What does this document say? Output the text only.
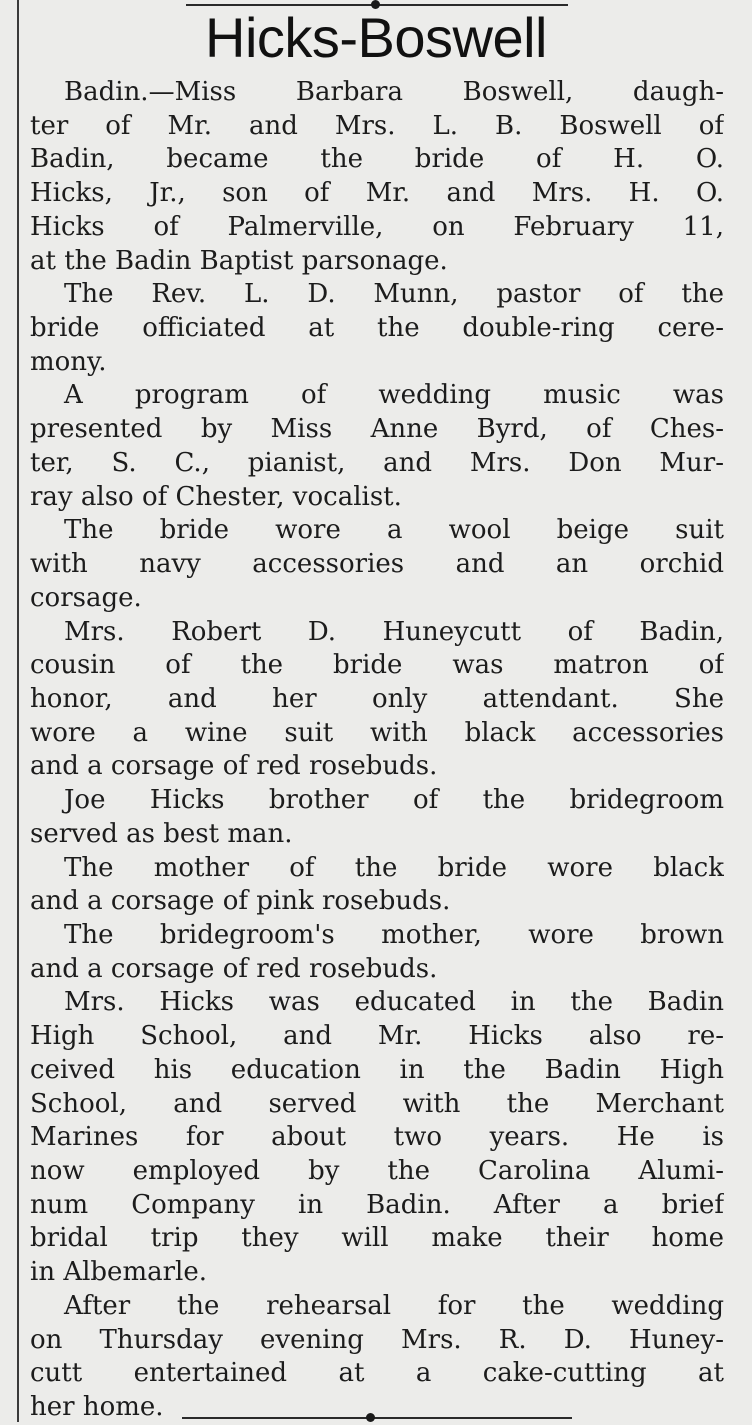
Hicks-Boswell
Badin.—Miss Barbara Boswell, daugh-
ter of Mr. and Mrs. L. B. Boswell of
Badin, became the bride of H. O.
Hicks, Jr., son of Mr. and Mrs. H. O.
Hicks of Palmerville, on February 11,
at the Badin Baptist parsonage.
The Rev. L. D. Munn, pastor of the
bride officiated at the double-ring cere-
mony.
A program of wedding music was
presented by Miss Anne Byrd, of Ches-
ter, S. C., pianist, and Mrs. Don Mur-
ray also of Chester, vocalist.
The bride wore a wool beige suit
with navy accessories and an orchid
corsage.
Mrs. Robert D. Huneycutt of Badin,
cousin of the bride was matron of
honor, and her only attendant. She
wore a wine suit with black accessories
and a corsage of red rosebuds.
Joe Hicks brother of the bridegroom
served as best man.
The mother of the bride wore black
and a corsage of pink rosebuds.
The bridegroom's mother, wore brown
and a corsage of red rosebuds.
Mrs. Hicks was educated in the Badin
High School, and Mr. Hicks also re-
ceived his education in the Badin High
School, and served with the Merchant
Marines for about two years. He is
now employed by the Carolina Alumi-
num Company in Badin. After a brief
bridal trip they will make their home
in Albemarle.
After the rehearsal for the wedding
on Thursday evening Mrs. R. D. Huney-
cutt entertained at a cake-cutting at
her home.
